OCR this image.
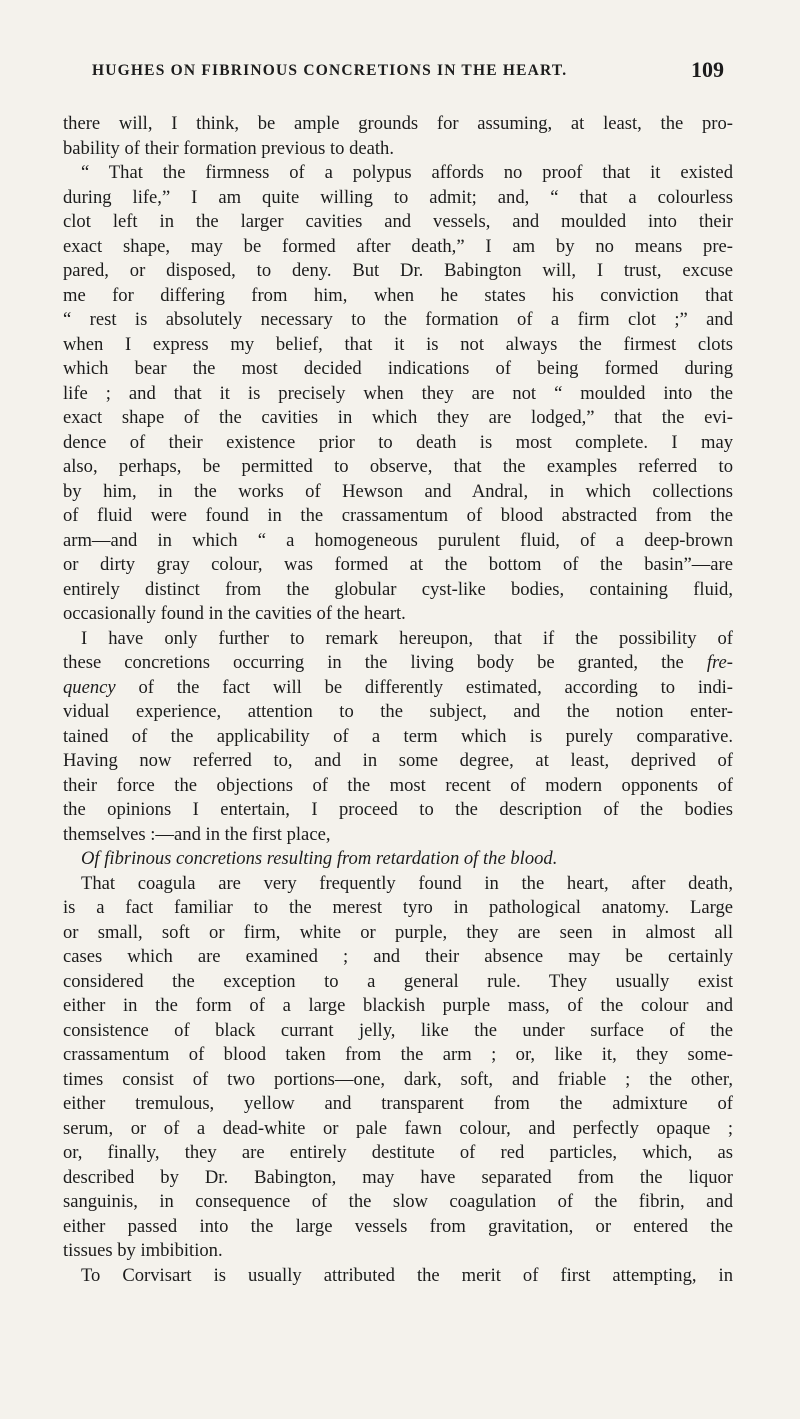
HUGHES ON FIBRINOUS CONCRETIONS IN THE HEART.	109
there will, I think, be ample grounds for assuming, at least, the pro-
bability of their formation previous to death.
“ That the firmness of a polypus affords no proof that it existed
during life,” I am quite willing to admit; and, “ that a colourless
clot left in the larger cavities and vessels, and moulded into their
exact shape, may be formed after death,” I am by no means pre-
pared, or disposed, to deny. But Dr. Babington will, I trust, excuse
me for differing from him, when he states his conviction that
“ rest is absolutely necessary to the formation of a firm clot ;” and
when I express my belief, that it is not always the firmest clots
which bear the most decided indications of being formed during
life ; and that it is precisely when they are not “ moulded into the
exact shape of the cavities in which they are lodged,” that the evi-
dence of their existence prior to death is most complete. I may
also, perhaps, be permitted to observe, that the examples referred to
by him, in the works of Hewson and Andral, in which collections
of fluid were found in the crassamentum of blood abstracted from the
arm—and in which “ a homogeneous purulent fluid, of a deep-brown
or dirty gray colour, was formed at the bottom of the basin”—are
entirely distinct from the globular cyst-like bodies, containing fluid,
occasionally found in the cavities of the heart.
I have only further to remark hereupon, that if the possibility of
these concretions occurring in the living body be granted, the fre-
quency of the fact will be differently estimated, according to indi-
vidual experience, attention to the subject, and the notion enter-
tained of the applicability of a term which is purely comparative.
Having now referred to, and in some degree, at least, deprived of
their force the objections of the most recent of modern opponents of
the opinions I entertain, I proceed to the description of the bodies
themselves :—and in the first place,
Of fibrinous concretions resulting from retardation of the blood.
That coagula are very frequently found in the heart, after death,
is a fact familiar to the merest tyro in pathological anatomy. Large
or small, soft or firm, white or purple, they are seen in almost all
cases which are examined ; and their absence may be certainly
considered the exception to a general rule. They usually exist
either in the form of a large blackish purple mass, of the colour and
consistence of black currant jelly, like the under surface of the
crassamentum of blood taken from the arm ; or, like it, they some-
times consist of two portions—one, dark, soft, and friable ; the other,
either tremulous, yellow and transparent from the admixture of
serum, or of a dead-white or pale fawn colour, and perfectly opaque ;
or, finally, they are entirely destitute of red particles, which, as
described by Dr. Babington, may have separated from the liquor
sanguinis, in consequence of the slow coagulation of the fibrin, and
either passed into the large vessels from gravitation, or entered the
tissues by imbibition.
To Corvisart is usually attributed the merit of first attempting, in
